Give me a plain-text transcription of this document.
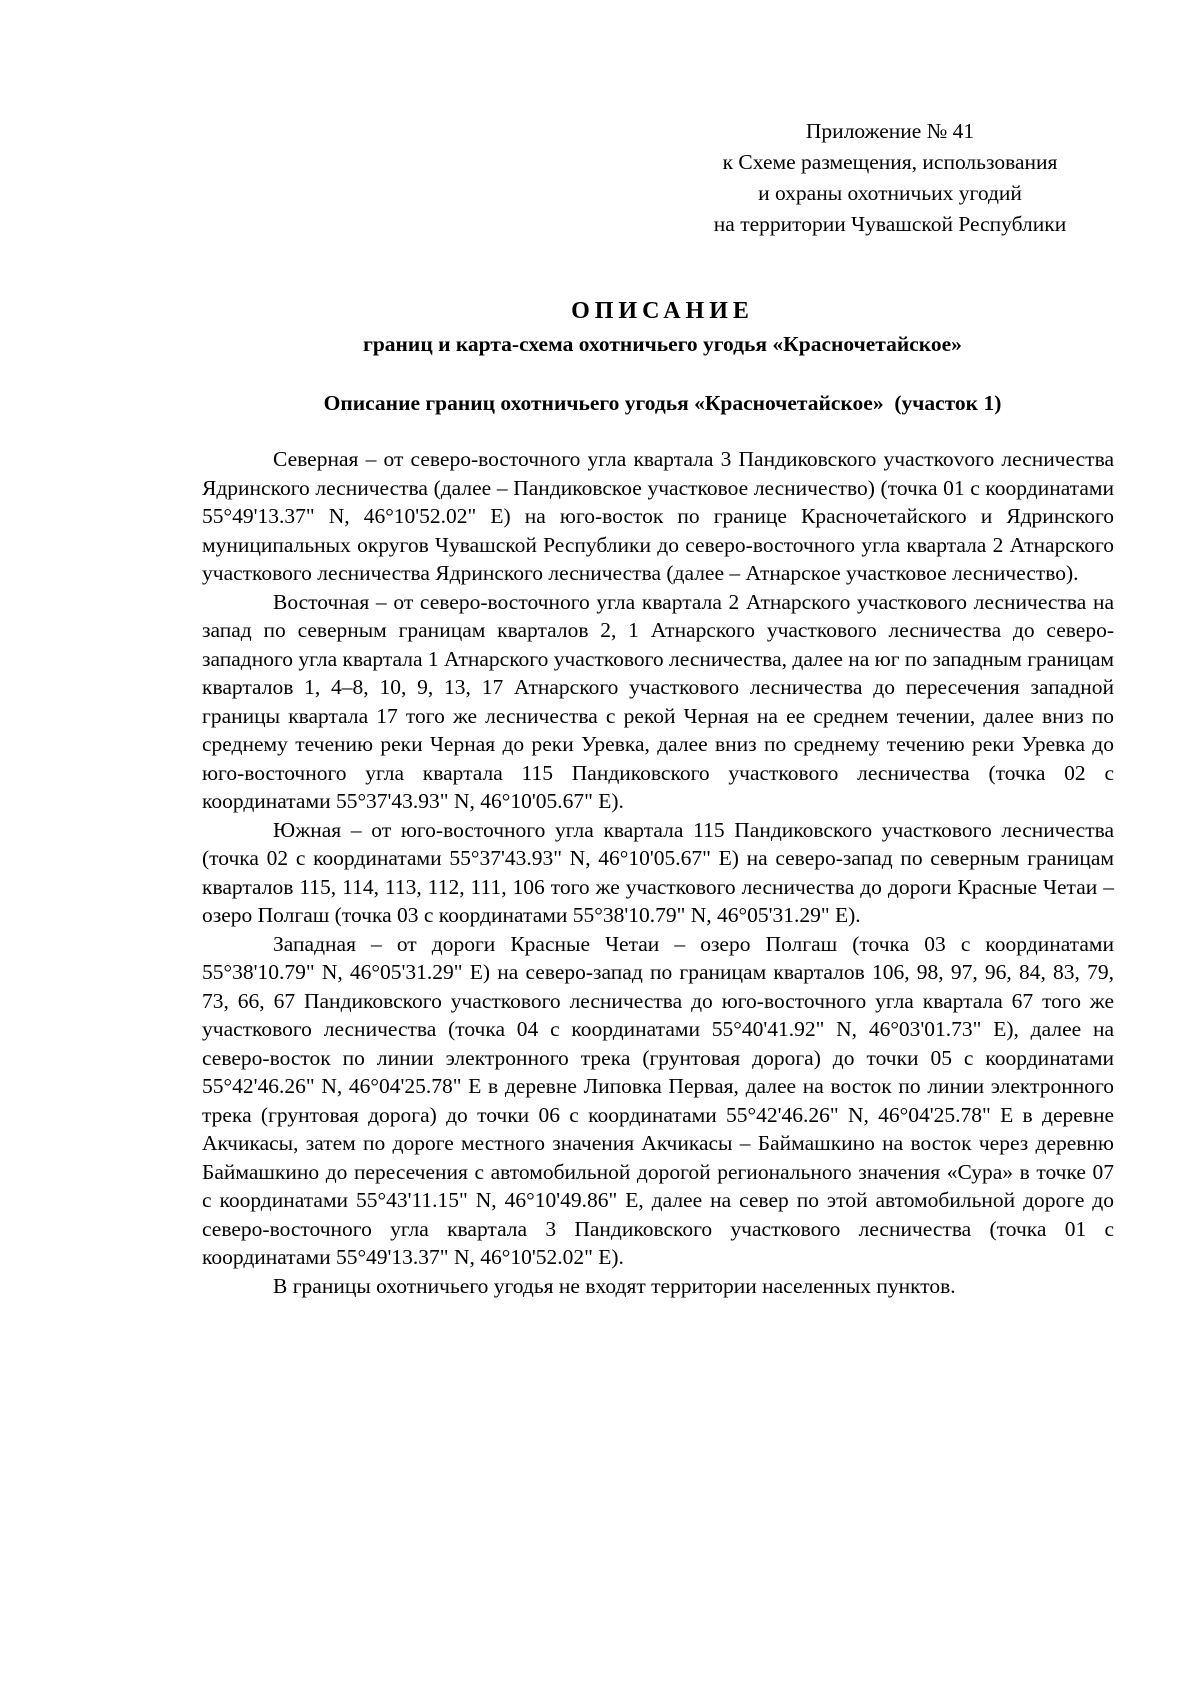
Приложение № 41
к Схеме размещения, использования
и охраны охотничьих угодий
на территории Чувашской Республики
ОПИСАНИЕ
границ и карта-схема охотничьего угодья «Красночетайское»
Описание границ охотничьего угодья «Красночетайское»  (участок 1)

Северная – от северо-восточного угла квартала 3 Пандиковского участкоvого лесничества Ядринского лесничества (далее – Пандиковское участковое лесничество) (точка 01 с координатами 55°49'13.37" N, 46°10'52.02" E) на юго-восток по границе Красночетайского и Ядринского муниципальных округов Чувашской Республики до северо-восточного угла квартала 2 Атнарского участкового лесничества Ядринского лесничества (далее – Атнарское участковое лесничество).

Восточная – от северо-восточного угла квартала 2 Атнарского участкового лесничества на запад по северным границам кварталов 2, 1 Атнарского участкового лесничества до северо-западного угла квартала 1 Атнарского участкового лесничества, далее на юг по западным границам кварталов 1, 4–8, 10, 9, 13, 17 Атнарского участкового лесничества до пересечения западной границы квартала 17 того же лесничества с рекой Черная на ее среднем течении, далее вниз по среднему течению реки Черная до реки Уревка, далее вниз по среднему течению реки Уревка до юго-восточного угла квартала 115 Пандиковского участкового лесничества (точка 02 с координатами 55°37'43.93" N, 46°10'05.67" E).

Южная – от юго-восточного угла квартала 115 Пандиковского участкового лесничества (точка 02 с координатами 55°37'43.93" N, 46°10'05.67" E) на северо-запад по северным границам кварталов 115, 114, 113, 112, 111, 106 того же участкового лесничества до дороги Красные Четаи – озеро Полгаш (точка 03 с координатами 55°38'10.79" N, 46°05'31.29" E).

Западная – от дороги Красные Четаи – озеро Полгаш (точка 03 с координатами 55°38'10.79" N, 46°05'31.29" E) на северо-запад по границам кварталов 106, 98, 97, 96, 84, 83, 79, 73, 66, 67 Пандиковского участкового лесничества до юго-восточного угла квартала 67 того же участкового лесничества (точка 04 с координатами 55°40'41.92" N, 46°03'01.73" E), далее на северо-восток по линии электронного трека (грунтовая дорога) до точки 05 с координатами 55°42'46.26" N, 46°04'25.78" E в деревне Липовка Первая, далее на восток по линии электронного трека (грунтовая дорога) до точки 06 с координатами 55°42'46.26" N, 46°04'25.78" E в деревне Акчикасы, затем по дороге местного значения Акчикасы – Баймашкино на восток через деревню Баймашкино до пересечения с автомобильной дорогой регионального значения «Сура» в точке 07 с координатами 55°43'11.15" N, 46°10'49.86" E, далее на север по этой автомобильной дороге до северо-восточного угла квартала 3 Пандиковского участкового лесничества (точка 01 с координатами 55°49'13.37" N, 46°10'52.02" E).

В границы охотничьего угодья не входят территории населенных пунктов.
